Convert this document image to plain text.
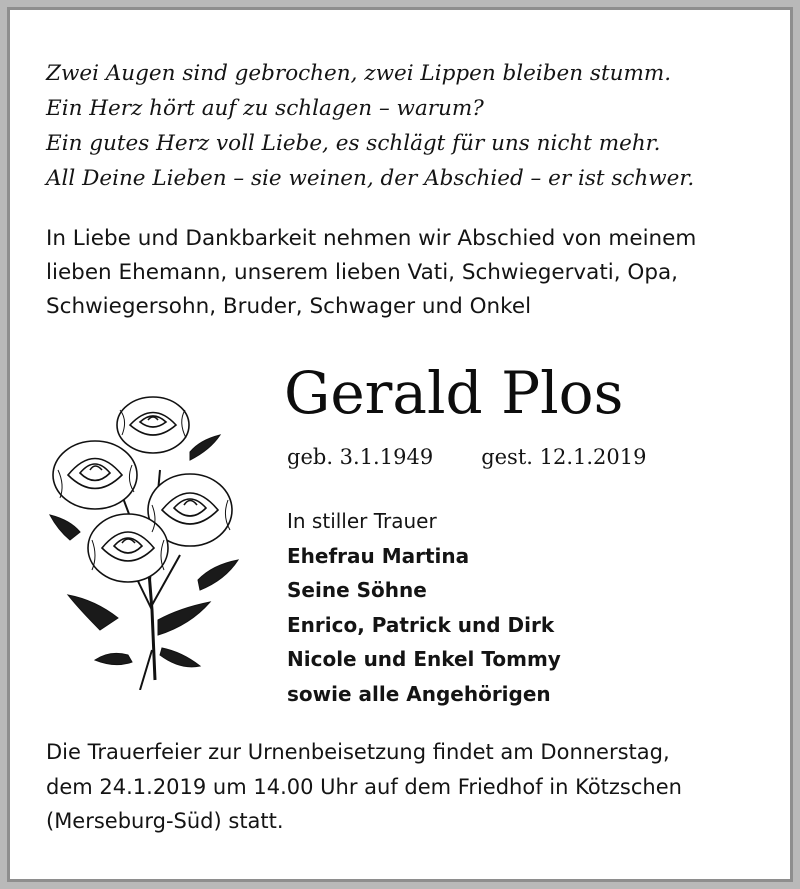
Zwei Augen sind gebrochen, zwei Lippen bleiben stumm.
Ein Herz hört auf zu schlagen – warum?
Ein gutes Herz voll Liebe, es schlägt für uns nicht mehr.
All Deine Lieben – sie weinen, der Abschied – er ist schwer.
In Liebe und Dankbarkeit nehmen wir Abschied von meinem
lieben Ehemann, unserem lieben Vati, Schwiegervati, Opa,
Schwiegersohn, Bruder, Schwager und Onkel
Gerald Plos
geb. 3.1.1949 gest. 12.1.2019
In stiller Trauer
Ehefrau Martina
Seine Söhne
Enrico, Patrick und Dirk
Nicole und Enkel Tommy
sowie alle Angehörigen
Die Trauerfeier zur Urnenbeisetzung findet am Donnerstag,
dem 24.1.2019 um 14.00 Uhr auf dem Friedhof in Kötzschen
(Merseburg-Süd) statt.
